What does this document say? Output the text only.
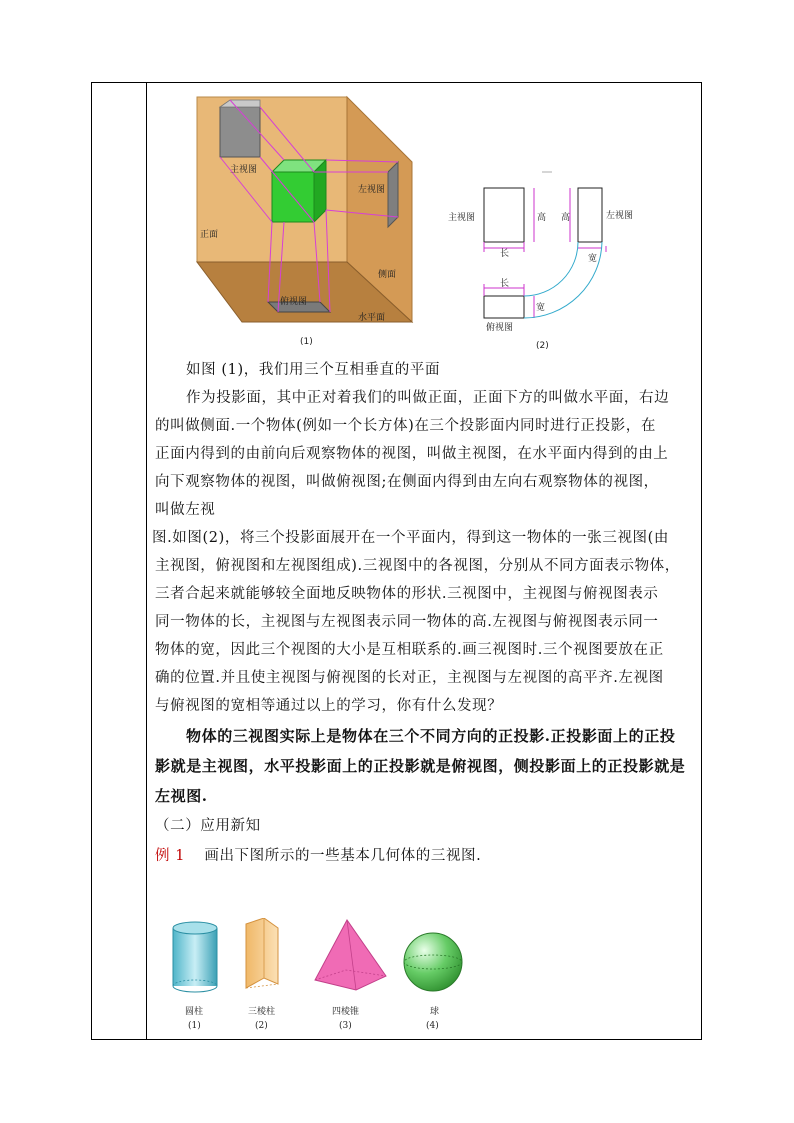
主视图
左视图
正面
侧面
俯视图
水平面
(1)
主视图	左视图
俯视图
高 高
长
长
宽
宽
(2)

如图 (1)，我们用三个互相垂直的平面

作为投影面，其中正对着我们的叫做正面，正面下方的叫做水平面，右边

的叫做侧面.一个物体(例如一个长方体)在三个投影面内同时进行正投影，在

正面内得到的由前向后观察物体的视图，叫做主视图，在水平面内得到的由上

向下观察物体的视图，叫做俯视图;在侧面内得到由左向右观察物体的视图，

叫做左视

图.如图(2)，将三个投影面展开在一个平面内，得到这一物体的一张三视图(由

主视图，俯视图和左视图组成).三视图中的各视图，分别从不同方面表示物体，

三者合起来就能够较全面地反映物体的形状.三视图中，主视图与俯视图表示

同一物体的长，主视图与左视图表示同一物体的高.左视图与俯视图表示同一

物体的宽，因此三个视图的大小是互相联系的.画三视图时.三个视图要放在正

确的位置.并且使主视图与俯视图的长对正，主视图与左视图的高平齐.左视图

与俯视图的宽相等通过以上的学习，你有什么发现？

物体的三视图实际上是物体在三个不同方向的正投影.正投影面上的正投

影就是主视图，水平投影面上的正投影就是俯视图，侧投影面上的正投影就是

左视图.

（二）应用新知

例 1 画出下图所示的一些基本几何体的三视图.

圆柱
(1)
三棱柱
(2)
四棱锥
(3)
球
(4)
